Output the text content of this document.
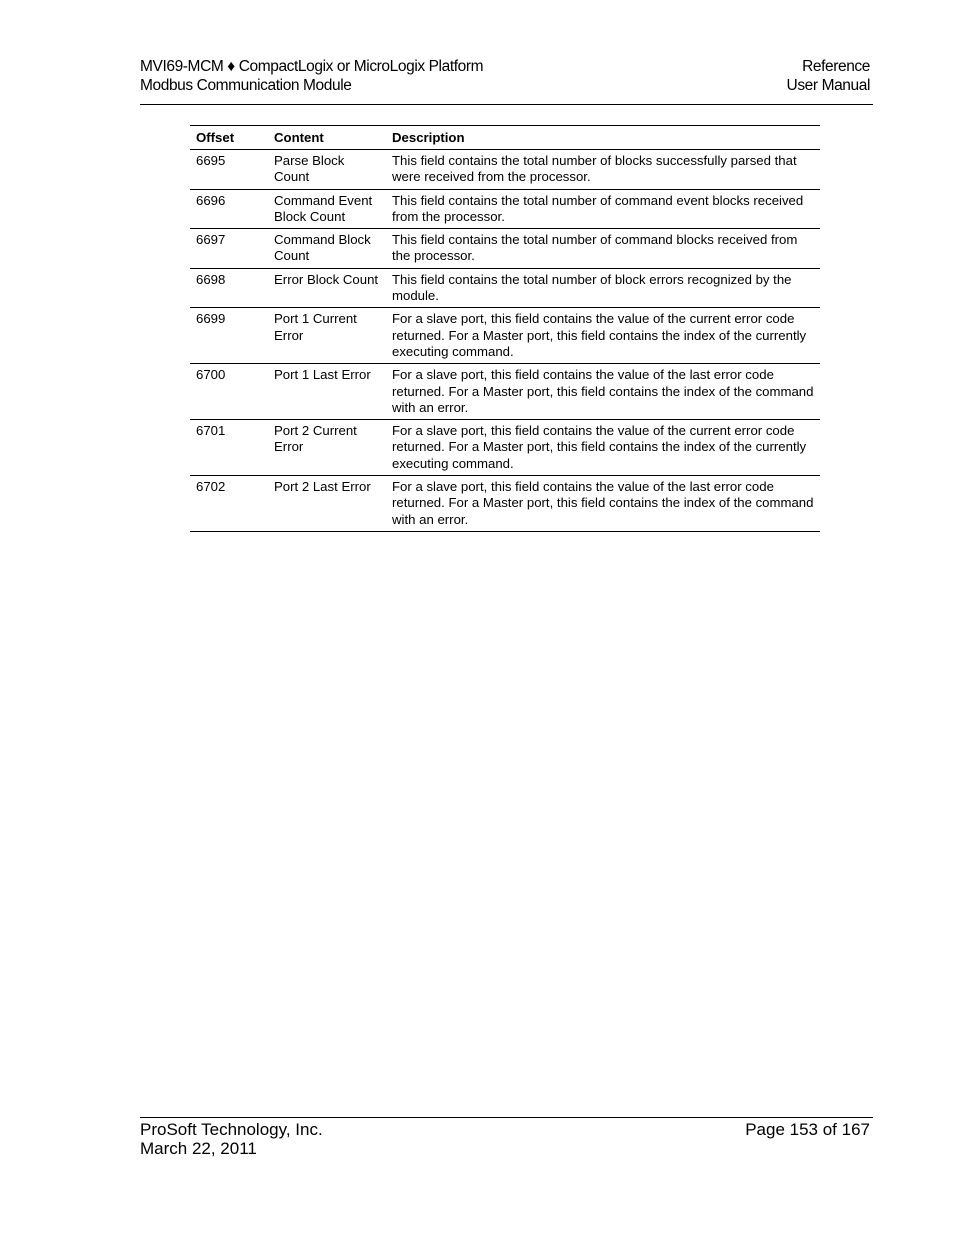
MVI69-MCM ♦ CompactLogix or MicroLogix Platform
Modbus Communication Module
Reference
User Manual
Offset	Content	Description
6695	Parse Block Count	This field contains the total number of blocks successfully parsed that were received from the processor.
6696	Command Event Block Count	This field contains the total number of command event blocks received from the processor.
6697	Command Block Count	This field contains the total number of command blocks received from the processor.
6698	Error Block Count	This field contains the total number of block errors recognized by the module.
6699	Port 1 Current Error	For a slave port, this field contains the value of the current error code returned. For a Master port, this field contains the index of the currently executing command.
6700	Port 1 Last Error	For a slave port, this field contains the value of the last error code returned. For a Master port, this field contains the index of the command with an error.
6701	Port 2 Current Error	For a slave port, this field contains the value of the current error code returned. For a Master port, this field contains the index of the currently executing command.
6702	Port 2 Last Error	For a slave port, this field contains the value of the last error code returned. For a Master port, this field contains the index of the command with an error.
ProSoft Technology, Inc.
March 22, 2011
Page 153 of 167
